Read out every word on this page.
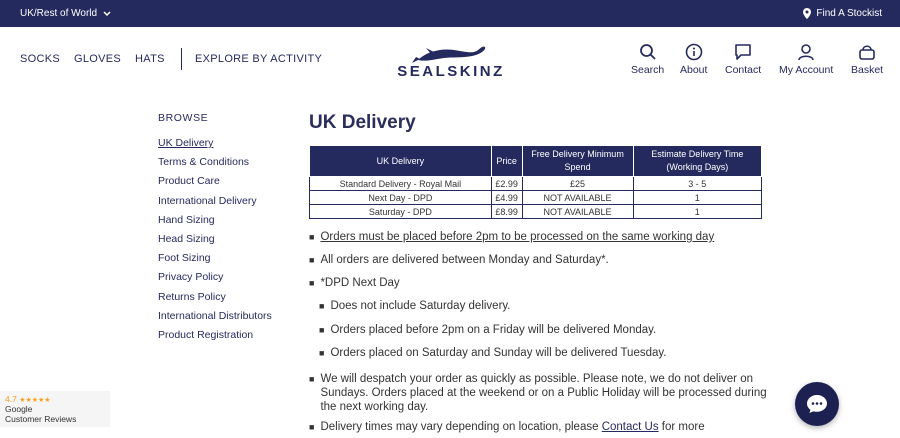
UK/Rest of World	Find A Stockist
SOCKS GLOVES HATS	EXPLORE BY ACTIVITY
SEALSKINZ	Search About Contact My Account Basket
BROWSE
UK Delivery
Terms & Conditions
Product Care
International Delivery
Hand Sizing
Head Sizing
Foot Sizing
Privacy Policy
Returns Policy
International Distributors
Product Registration
UK Delivery
UK Delivery	Price	Free Delivery Minimum Spend	Estimate Delivery Time (Working Days)
Standard Delivery - Royal Mail	£2.99	£25	3 - 5
Next Day - DPD	£4.99	NOT AVAILABLE	1
Saturday - DPD	£8.99	NOT AVAILABLE	1
■ Orders must be placed before 2pm to be processed on the same working day
■ All orders are delivered between Monday and Saturday*.
■ *DPD Next Day
■ Does not include Saturday delivery.
■ Orders placed before 2pm on a Friday will be delivered Monday.
■ Orders placed on Saturday and Sunday will be delivered Tuesday.
■ We will despatch your order as quickly as possible. Please note, we do not deliver on Sundays. Orders placed at the weekend or on a Public Holiday will be processed during the next working day.
■ Delivery times may vary depending on location, please Contact Us for more
4.7 ★★★★★
Google
Customer Reviews
